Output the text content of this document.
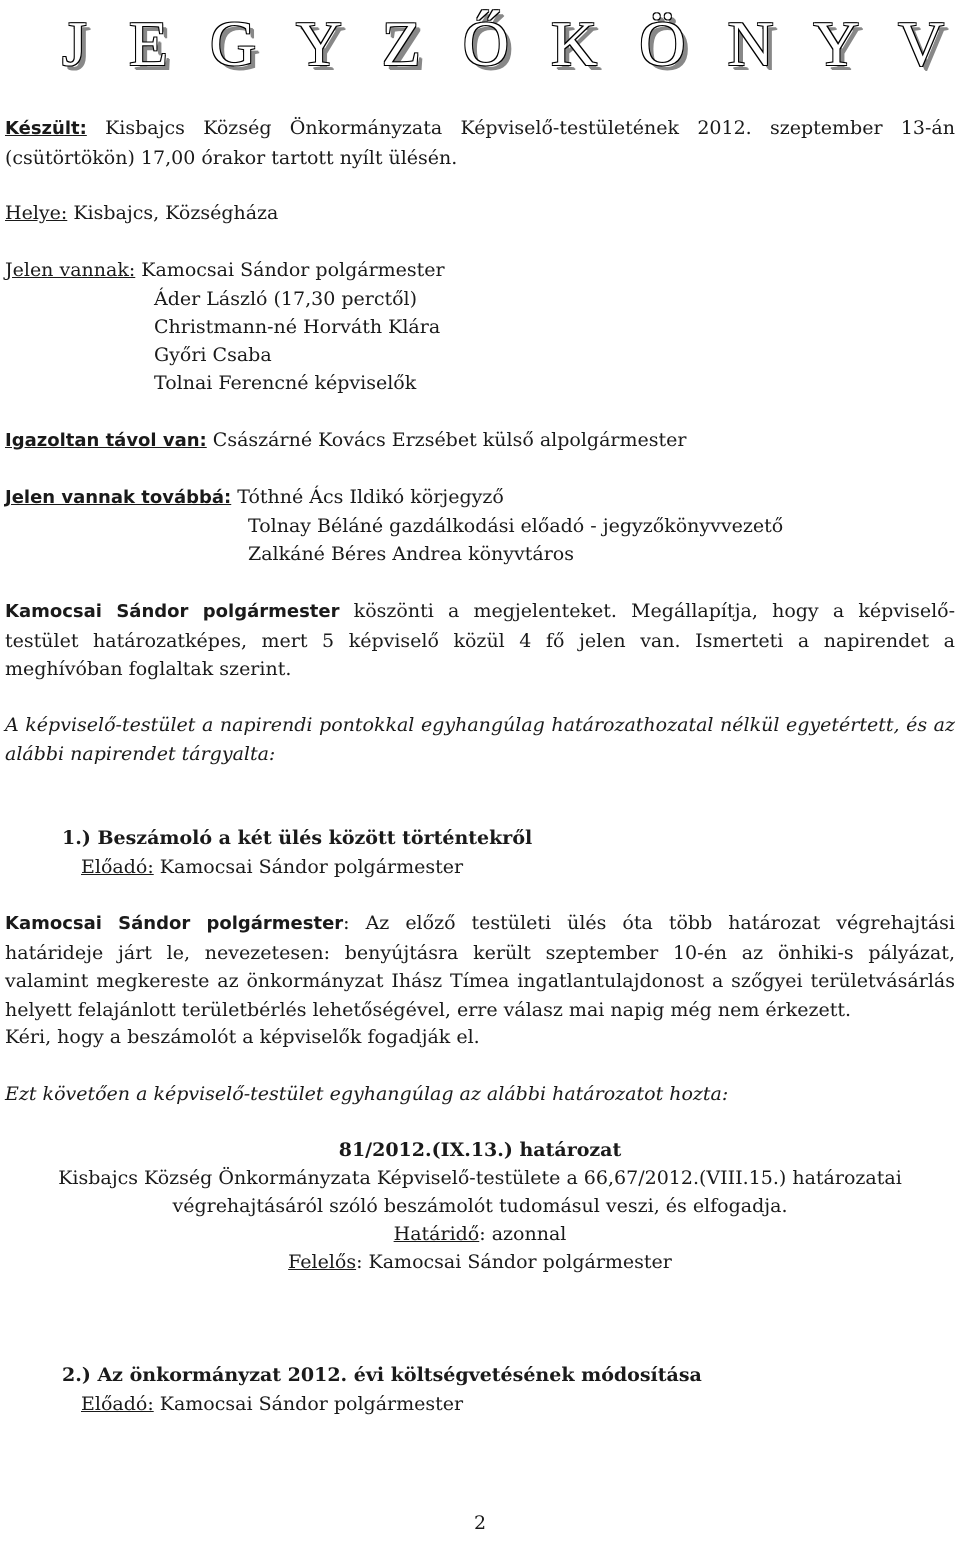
J E G Y Z Ő K Ö N Y V
Készült: Kisbajcs Község Önkormányzata Képviselő-testületének 2012. szeptember 13-án (csütörtökön) 17,00 órakor tartott nyílt ülésén.
Helye: Kisbajcs, Községháza
Jelen vannak: Kamocsai Sándor polgármester
Áder László (17,30 perctől)
Christmann-né Horváth Klára
Győri Csaba
Tolnai Ferencné képviselők
Igazoltan távol van: Császárné Kovács Erzsébet külső alpolgármester
Jelen vannak továbbá: Tóthné Ács Ildikó körjegyző
Tolnay Béláné gazdálkodási előadó - jegyzőkönyvvezető
Zalkáné Béres Andrea könyvtáros
Kamocsai Sándor polgármester köszönti a megjelenteket. Megállapítja, hogy a képviselő-testület határozatképes, mert 5 képviselő közül 4 fő jelen van. Ismerteti a napirendet a meghívóban foglaltak szerint.
A képviselő-testület a napirendi pontokkal egyhangúlag határozathozatal nélkül egyetértett, és az alábbi napirendet tárgyalta:
1.) Beszámoló a két ülés között történtekről
Előadó: Kamocsai Sándor polgármester
Kamocsai Sándor polgármester: Az előző testületi ülés óta több határozat végrehajtási határideje járt le, nevezetesen: benyújtásra került szeptember 10-én az önhiki-s pályázat, valamint megkereste az önkormányzat Ihász Tímea ingatlantulajdonost a szőgyei területvásárlás helyett felajánlott területbérlés lehetőségével, erre válasz mai napig még nem érkezett.
Kéri, hogy a beszámolót a képviselők fogadják el.
Ezt követően a képviselő-testület egyhangúlag az alábbi határozatot hozta:
81/2012.(IX.13.) határozat
Kisbajcs Község Önkormányzata Képviselő-testülete a 66,67/2012.(VIII.15.) határozatai
végrehajtásáról szóló beszámolót tudomásul veszi, és elfogadja.
Határidő: azonnal
Felelős: Kamocsai Sándor polgármester
2.) Az önkormányzat 2012. évi költségvetésének módosítása
Előadó: Kamocsai Sándor polgármester
2
